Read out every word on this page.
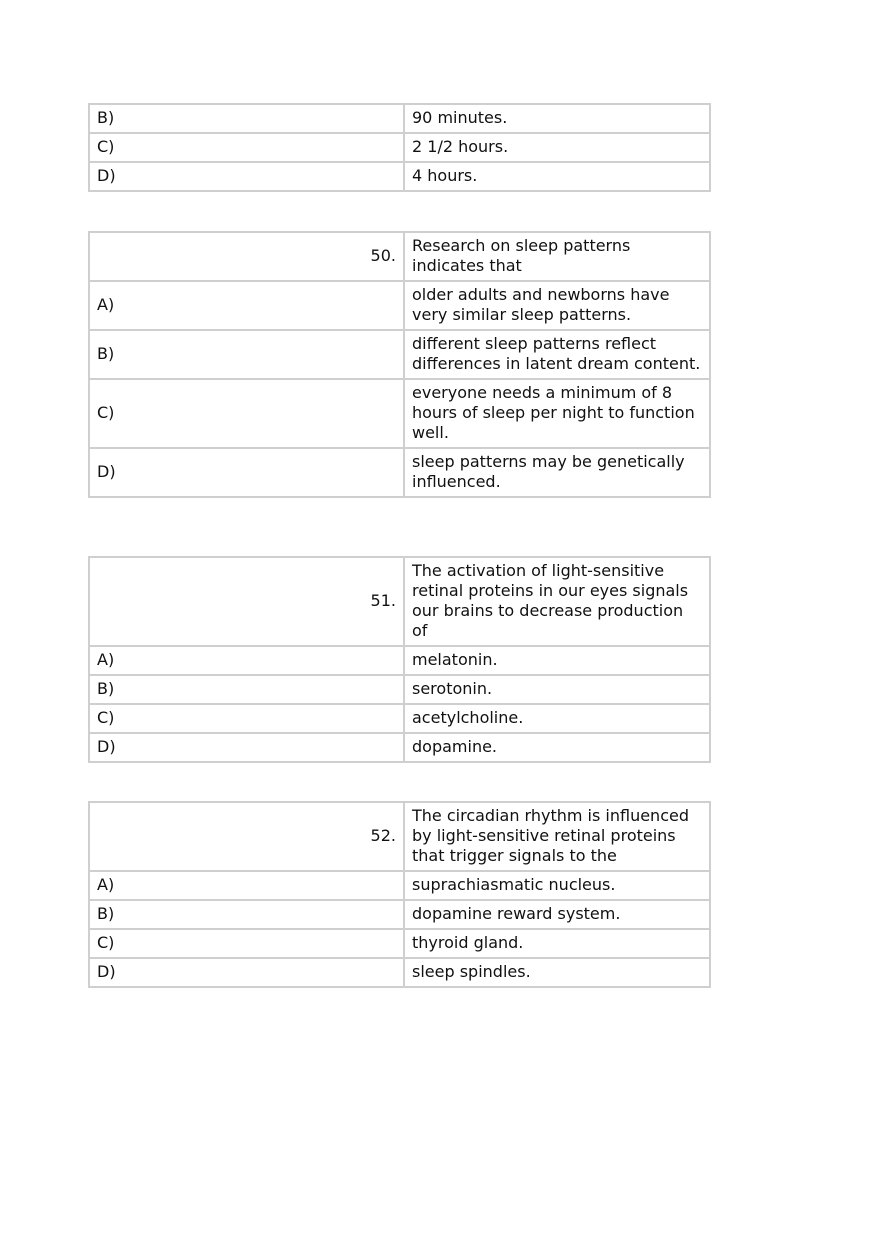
B)	90 minutes.
C)	2 1/2 hours.
D)	4 hours.
50.	Research on sleep patterns indicates that
A)	older adults and newborns have very similar sleep patterns.
B)	different sleep patterns reflect differences in latent dream content.
C)	everyone needs a minimum of 8 hours of sleep per night to function well.
D)	sleep patterns may be genetically influenced.
51.	The activation of light-sensitive retinal proteins in our eyes signals our brains to decrease production of
A)	melatonin.
B)	serotonin.
C)	acetylcholine.
D)	dopamine.
52.	The circadian rhythm is influenced by light-sensitive retinal proteins that trigger signals to the
A)	suprachiasmatic nucleus.
B)	dopamine reward system.
C)	thyroid gland.
D)	sleep spindles.
